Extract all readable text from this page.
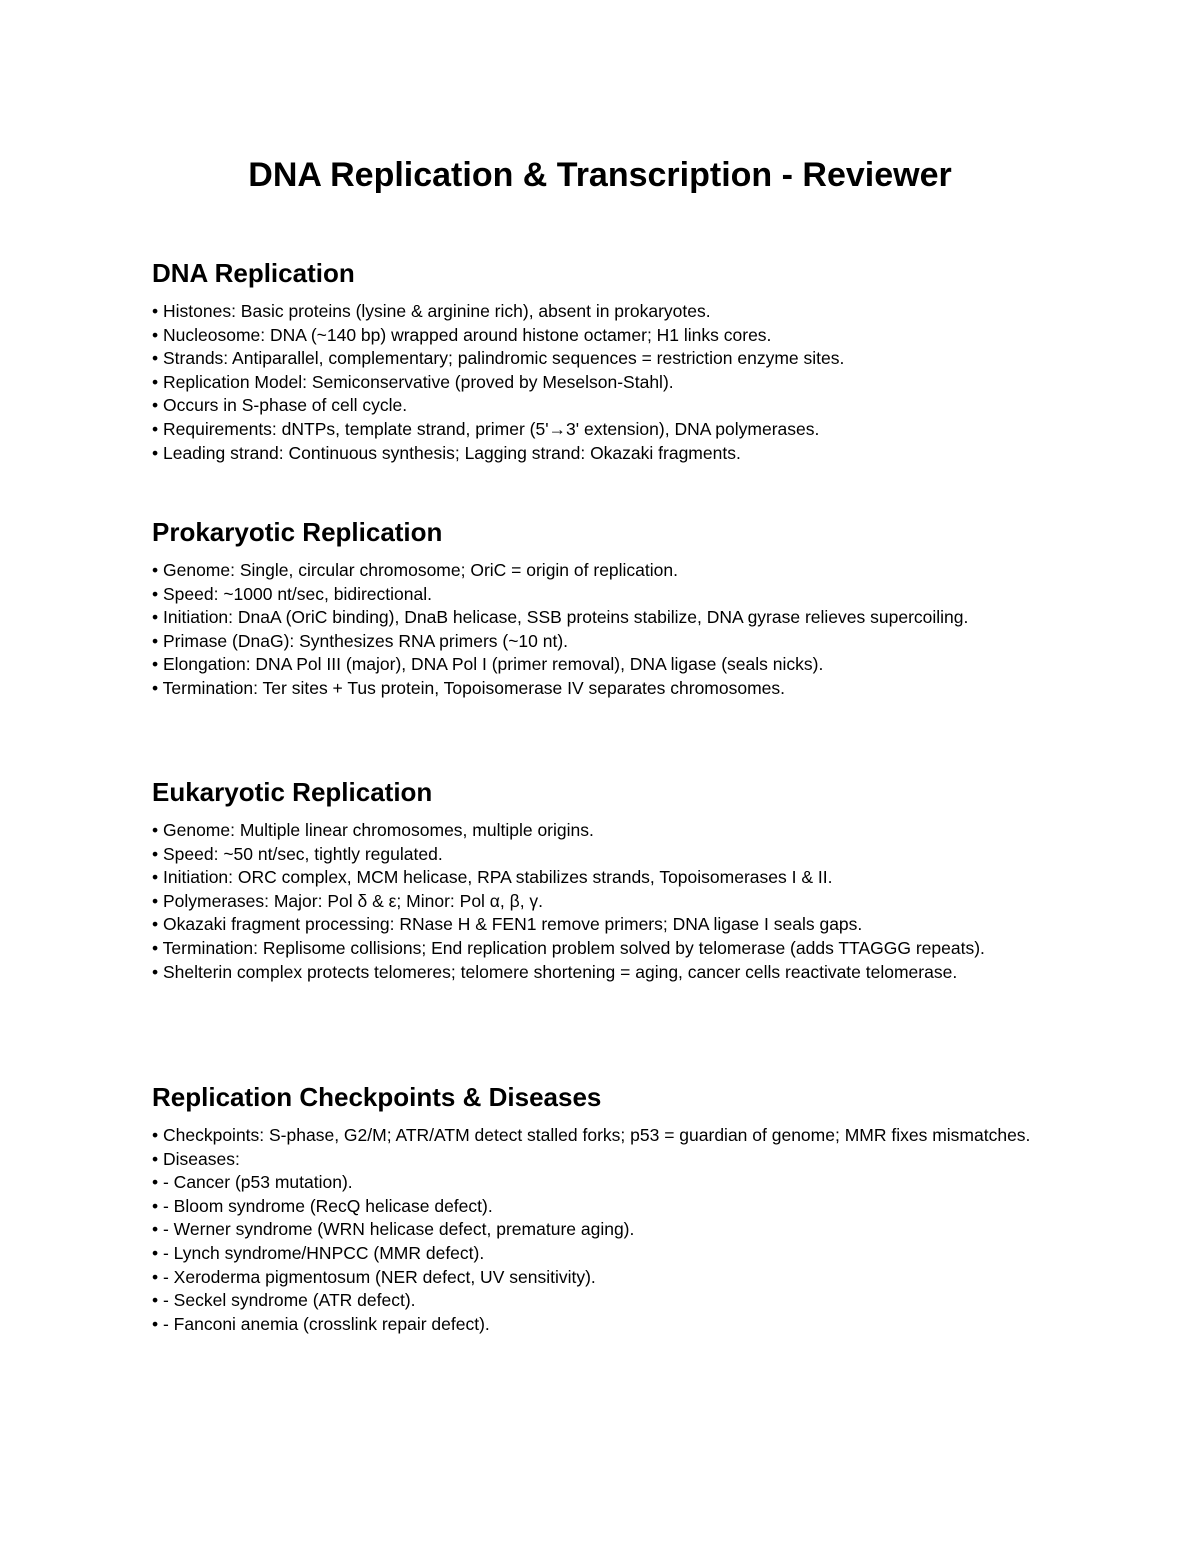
DNA Replication & Transcription - Reviewer
DNA Replication
• Histones: Basic proteins (lysine & arginine rich), absent in prokaryotes.
• Nucleosome: DNA (~140 bp) wrapped around histone octamer; H1 links cores.
• Strands: Antiparallel, complementary; palindromic sequences = restriction enzyme sites.
• Replication Model: Semiconservative (proved by Meselson-Stahl).
• Occurs in S-phase of cell cycle.
• Requirements: dNTPs, template strand, primer (5'→3' extension), DNA polymerases.
• Leading strand: Continuous synthesis; Lagging strand: Okazaki fragments.
Prokaryotic Replication
• Genome: Single, circular chromosome; OriC = origin of replication.
• Speed: ~1000 nt/sec, bidirectional.
• Initiation: DnaA (OriC binding), DnaB helicase, SSB proteins stabilize, DNA gyrase relieves supercoiling.
• Primase (DnaG): Synthesizes RNA primers (~10 nt).
• Elongation: DNA Pol III (major), DNA Pol I (primer removal), DNA ligase (seals nicks).
• Termination: Ter sites + Tus protein, Topoisomerase IV separates chromosomes.
Eukaryotic Replication
• Genome: Multiple linear chromosomes, multiple origins.
• Speed: ~50 nt/sec, tightly regulated.
• Initiation: ORC complex, MCM helicase, RPA stabilizes strands, Topoisomerases I & II.
• Polymerases: Major: Pol δ & ε; Minor: Pol α, β, γ.
• Okazaki fragment processing: RNase H & FEN1 remove primers; DNA ligase I seals gaps.
• Termination: Replisome collisions; End replication problem solved by telomerase (adds TTAGGG repeats).
• Shelterin complex protects telomeres; telomere shortening = aging, cancer cells reactivate telomerase.
Replication Checkpoints & Diseases
• Checkpoints: S-phase, G2/M; ATR/ATM detect stalled forks; p53 = guardian of genome; MMR fixes mismatches.
• Diseases:
• - Cancer (p53 mutation).
• - Bloom syndrome (RecQ helicase defect).
• - Werner syndrome (WRN helicase defect, premature aging).
• - Lynch syndrome/HNPCC (MMR defect).
• - Xeroderma pigmentosum (NER defect, UV sensitivity).
• - Seckel syndrome (ATR defect).
• - Fanconi anemia (crosslink repair defect).
